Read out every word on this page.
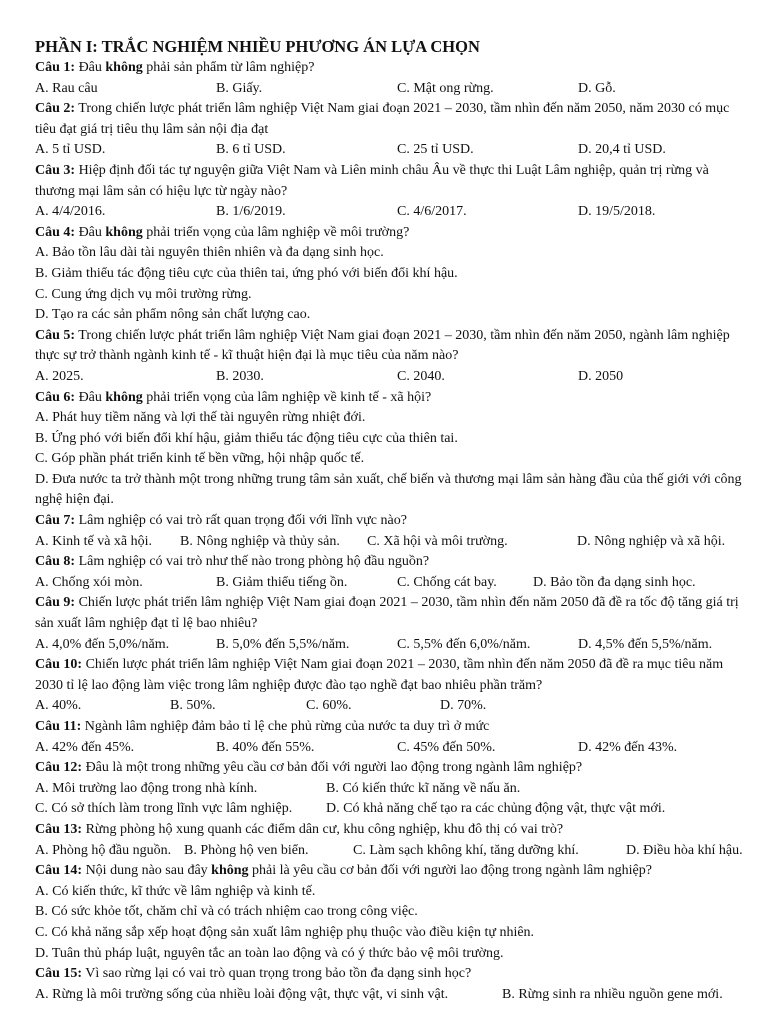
PHẦN I: TRẮC NGHIỆM NHIỀU PHƯƠNG ÁN LỰA CHỌN

Câu 1: Đâu không phải sản phẩm từ lâm nghiệp?

A. Rau câu	B. Giấy.	C. Mật ong rừng.	D. Gỗ.

Câu 2: Trong chiến lược phát triển lâm nghiệp Việt Nam giai đoạn 2021 – 2030, tầm nhìn đến năm 2050, năm 2030 có mục tiêu đạt giá trị tiêu thụ lâm sản nội địa đạt

A. 5 tỉ USD.	B. 6 tỉ USD.	C. 25 tỉ USD.	D. 20,4 tỉ USD.

Câu 3: Hiệp định đối tác tự nguyện giữa Việt Nam và Liên minh châu Âu về thực thi Luật Lâm nghiệp, quản trị rừng và thương mại lâm sản có hiệu lực từ ngày nào?

A. 4/4/2016.	B. 1/6/2019.	C. 4/6/2017.	D. 19/5/2018.

Câu 4: Đâu không phải triển vọng của lâm nghiệp về môi trường?

A. Bảo tồn lâu dài tài nguyên thiên nhiên và đa dạng sinh học.

B. Giảm thiểu tác động tiêu cực của thiên tai, ứng phó với biến đổi khí hậu.

C. Cung ứng dịch vụ môi trường rừng.

D. Tạo ra các sản phẩm nông sản chất lượng cao.

Câu 5: Trong chiến lược phát triển lâm nghiệp Việt Nam giai đoạn 2021 – 2030, tầm nhìn đến năm 2050, ngành lâm nghiệp thực sự trở thành ngành kinh tế - kĩ thuật hiện đại là mục tiêu của năm nào?

A. 2025.	B. 2030.	C. 2040.	D. 2050

Câu 6: Đâu không phải triển vọng của lâm nghiệp về kinh tế - xã hội?

A. Phát huy tiềm năng và lợi thế tài nguyên rừng nhiệt đới.

B. Ứng phó với biến đổi khí hậu, giảm thiểu tác động tiêu cực của thiên tai.

C. Góp phần phát triển kinh tế bền vững, hội nhập quốc tế.

D. Đưa nước ta trở thành một trong những trung tâm sản xuất, chế biến và thương mại lâm sản hàng đầu của thế giới với công nghệ hiện đại.

Câu 7: Lâm nghiệp có vai trò rất quan trọng đối với lĩnh vực nào?

A. Kinh tế và xã hội.	B. Nông nghiệp và thủy sản.	C. Xã hội và môi trường.	D. Nông nghiệp và xã hội.

Câu 8: Lâm nghiệp có vai trò như thế nào trong phòng hộ đầu nguồn?

A. Chống xói mòn.	B. Giảm thiểu tiếng ồn.	C. Chống cát bay.	D. Bảo tồn đa dạng sinh học.

Câu 9: Chiến lược phát triển lâm nghiệp Việt Nam giai đoạn 2021 – 2030, tầm nhìn đến năm 2050 đã đề ra tốc độ tăng giá trị sản xuất lâm nghiệp đạt tỉ lệ bao nhiêu?

A. 4,0% đến 5,0%/năm.	B. 5,0% đến 5,5%/năm.	C. 5,5% đến 6,0%/năm.	D. 4,5% đến 5,5%/năm.

Câu 10: Chiến lược phát triển lâm nghiệp Việt Nam giai đoạn 2021 – 2030, tầm nhìn đến năm 2050 đã đề ra mục tiêu năm 2030 tỉ lệ lao động làm việc trong lâm nghiệp được đào tạo nghề đạt bao nhiêu phần trăm?

A. 40%.	B. 50%.	C. 60%.	D. 70%.

Câu 11: Ngành lâm nghiệp đảm bảo tỉ lệ che phủ rừng của nước ta duy trì ở mức

A. 42% đến 45%.	B. 40% đến 55%.	C. 45% đến 50%.	D. 42% đến 43%.

Câu 12: Đâu là một trong những yêu cầu cơ bản đối với người lao động trong ngành lâm nghiệp?

A. Môi trường lao động trong nhà kính.	B. Có kiến thức kĩ năng về nấu ăn.
C. Có sở thích làm trong lĩnh vực lâm nghiệp.	D. Có khả năng chế tạo ra các chủng động vật, thực vật mới.

Câu 13: Rừng phòng hộ xung quanh các điểm dân cư, khu công nghiệp, khu đô thị có vai trò?

A. Phòng hộ đầu nguồn. B. Phòng hộ ven biển.	C. Làm sạch không khí, tăng dưỡng khí.	D. Điều hòa khí hậu.

Câu 14: Nội dung nào sau đây không phải là yêu cầu cơ bản đối với người lao động trong ngành lâm nghiệp?

A. Có kiến thức, kĩ thức về lâm nghiệp và kinh tế.

B. Có sức khỏe tốt, chăm chỉ và có trách nhiệm cao trong công việc.

C. Có khả năng sắp xếp hoạt động sản xuất lâm nghiệp phụ thuộc vào điều kiện tự nhiên.

D. Tuân thủ pháp luật, nguyên tắc an toàn lao động và có ý thức bảo vệ môi trường.

Câu 15: Vì sao rừng lại có vai trò quan trọng trong bảo tồn đa dạng sinh học?

A. Rừng là môi trường sống của nhiều loài động vật, thực vật, vi sinh vật.	B. Rừng sinh ra nhiều nguồn gene mới.
